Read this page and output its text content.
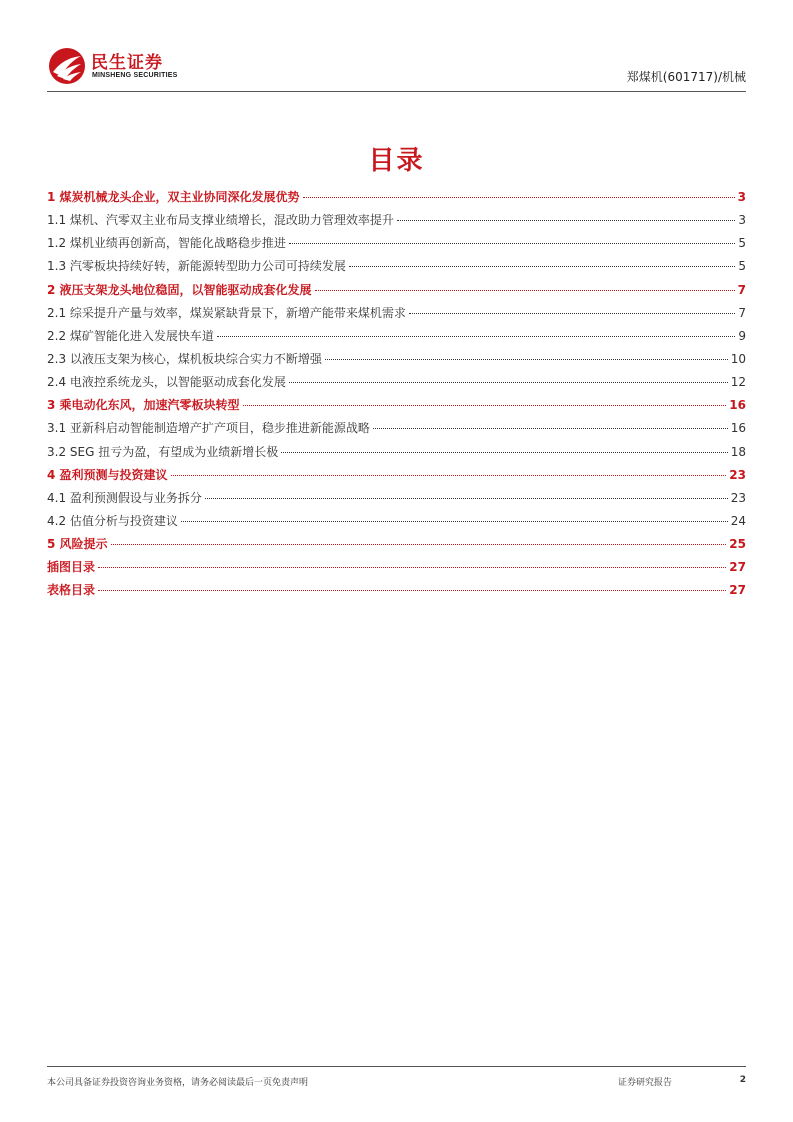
民生证券
MINSHENG SECURITIES	郑煤机(601717)/机械
目录
1 煤炭机械龙头企业，双主业协同深化发展优势	3
1.1 煤机、汽零双主业布局支撑业绩增长，混改助力管理效率提升	3
1.2 煤机业绩再创新高，智能化战略稳步推进	5
1.3 汽零板块持续好转，新能源转型助力公司可持续发展	5
2 液压支架龙头地位稳固，以智能驱动成套化发展	7
2.1 综采提升产量与效率，煤炭紧缺背景下，新增产能带来煤机需求	7
2.2 煤矿智能化进入发展快车道	9
2.3 以液压支架为核心，煤机板块综合实力不断增强	10
2.4 电液控系统龙头，以智能驱动成套化发展	12
3 乘电动化东风，加速汽零板块转型	16
3.1 亚新科启动智能制造增产扩产项目，稳步推进新能源战略	16
3.2 SEG 扭亏为盈，有望成为业绩新增长极	18
4 盈利预测与投资建议	23
4.1 盈利预测假设与业务拆分	23
4.2 估值分析与投资建议	24
5 风险提示	25
插图目录	27
表格目录	27
本公司具备证券投资咨询业务资格，请务必阅读最后一页免责声明	证券研究报告	2
